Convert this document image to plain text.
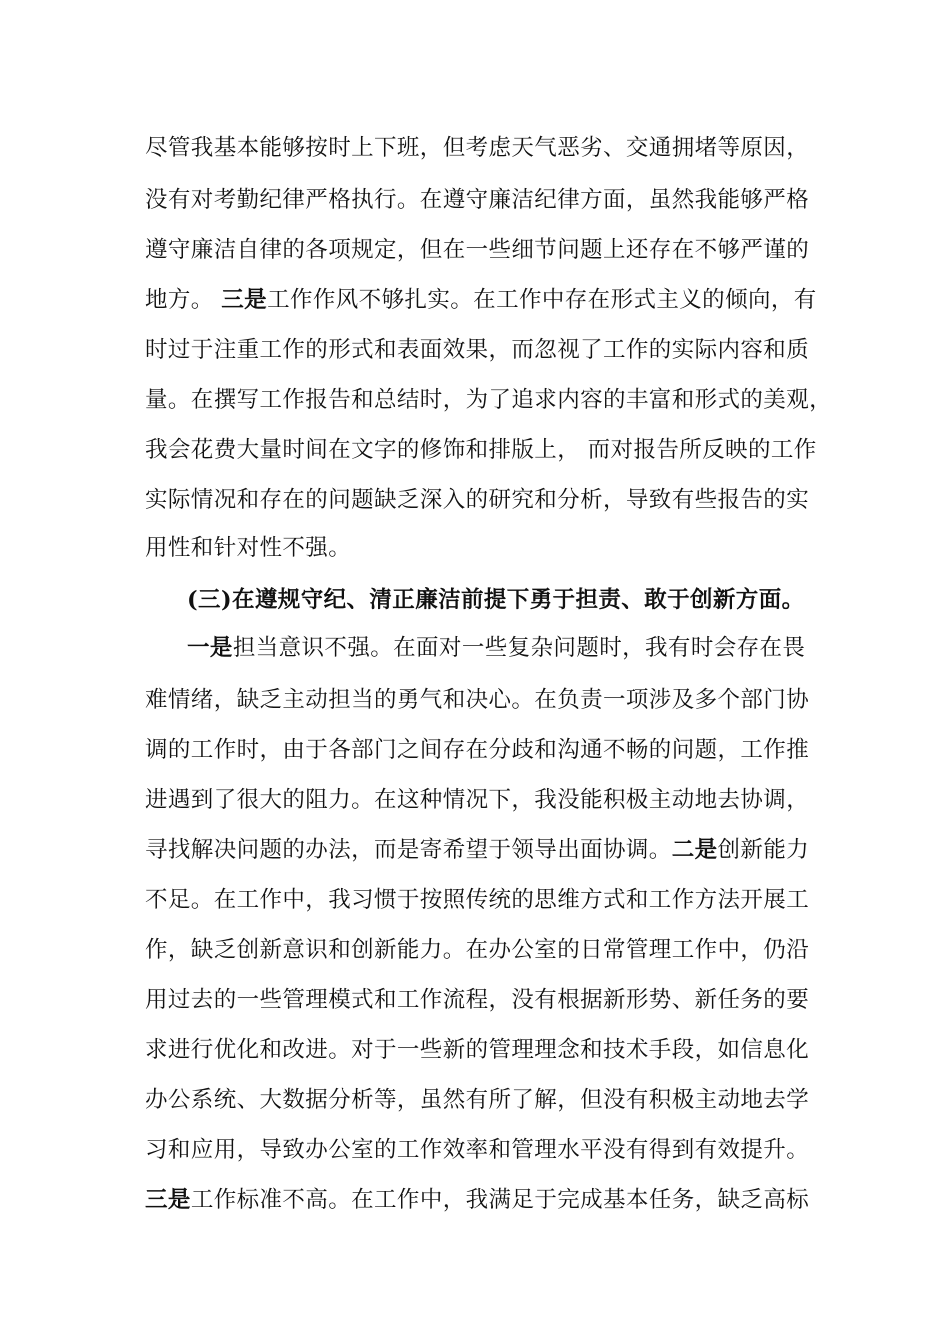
尽管我基本能够按时上下班，但考虑天气恶劣、交通拥堵等原因，
没有对考勤纪律严格执行。在遵守廉洁纪律方面，虽然我能够严格
遵守廉洁自律的各项规定，但在一些细节问题上还存在不够严谨的
地方。 三是工作作风不够扎实。在工作中存在形式主义的倾向，有
时过于注重工作的形式和表面效果，而忽视了工作的实际内容和质
量。在撰写工作报告和总结时，为了追求内容的丰富和形式的美观，
我会花费大量时间在文字的修饰和排版上， 而对报告所反映的工作
实际情况和存在的问题缺乏深入的研究和分析，导致有些报告的实
用性和针对性不强。
(三)在遵规守纪、清正廉洁前提下勇于担责、敢于创新方面。
一是担当意识不强。在面对一些复杂问题时，我有时会存在畏
难情绪，缺乏主动担当的勇气和决心。在负责一项涉及多个部门协
调的工作时，由于各部门之间存在分歧和沟通不畅的问题，工作推
进遇到了很大的阻力。在这种情况下，我没能积极主动地去协调，
寻找解决问题的办法，而是寄希望于领导出面协调。二是创新能力
不足。在工作中，我习惯于按照传统的思维方式和工作方法开展工
作，缺乏创新意识和创新能力。在办公室的日常管理工作中，仍沿
用过去的一些管理模式和工作流程，没有根据新形势、新任务的要
求进行优化和改进。对于一些新的管理理念和技术手段，如信息化
办公系统、大数据分析等，虽然有所了解，但没有积极主动地去学
习和应用，导致办公室的工作效率和管理水平没有得到有效提升。
三是工作标准不高。在工作中，我满足于完成基本任务，缺乏高标
